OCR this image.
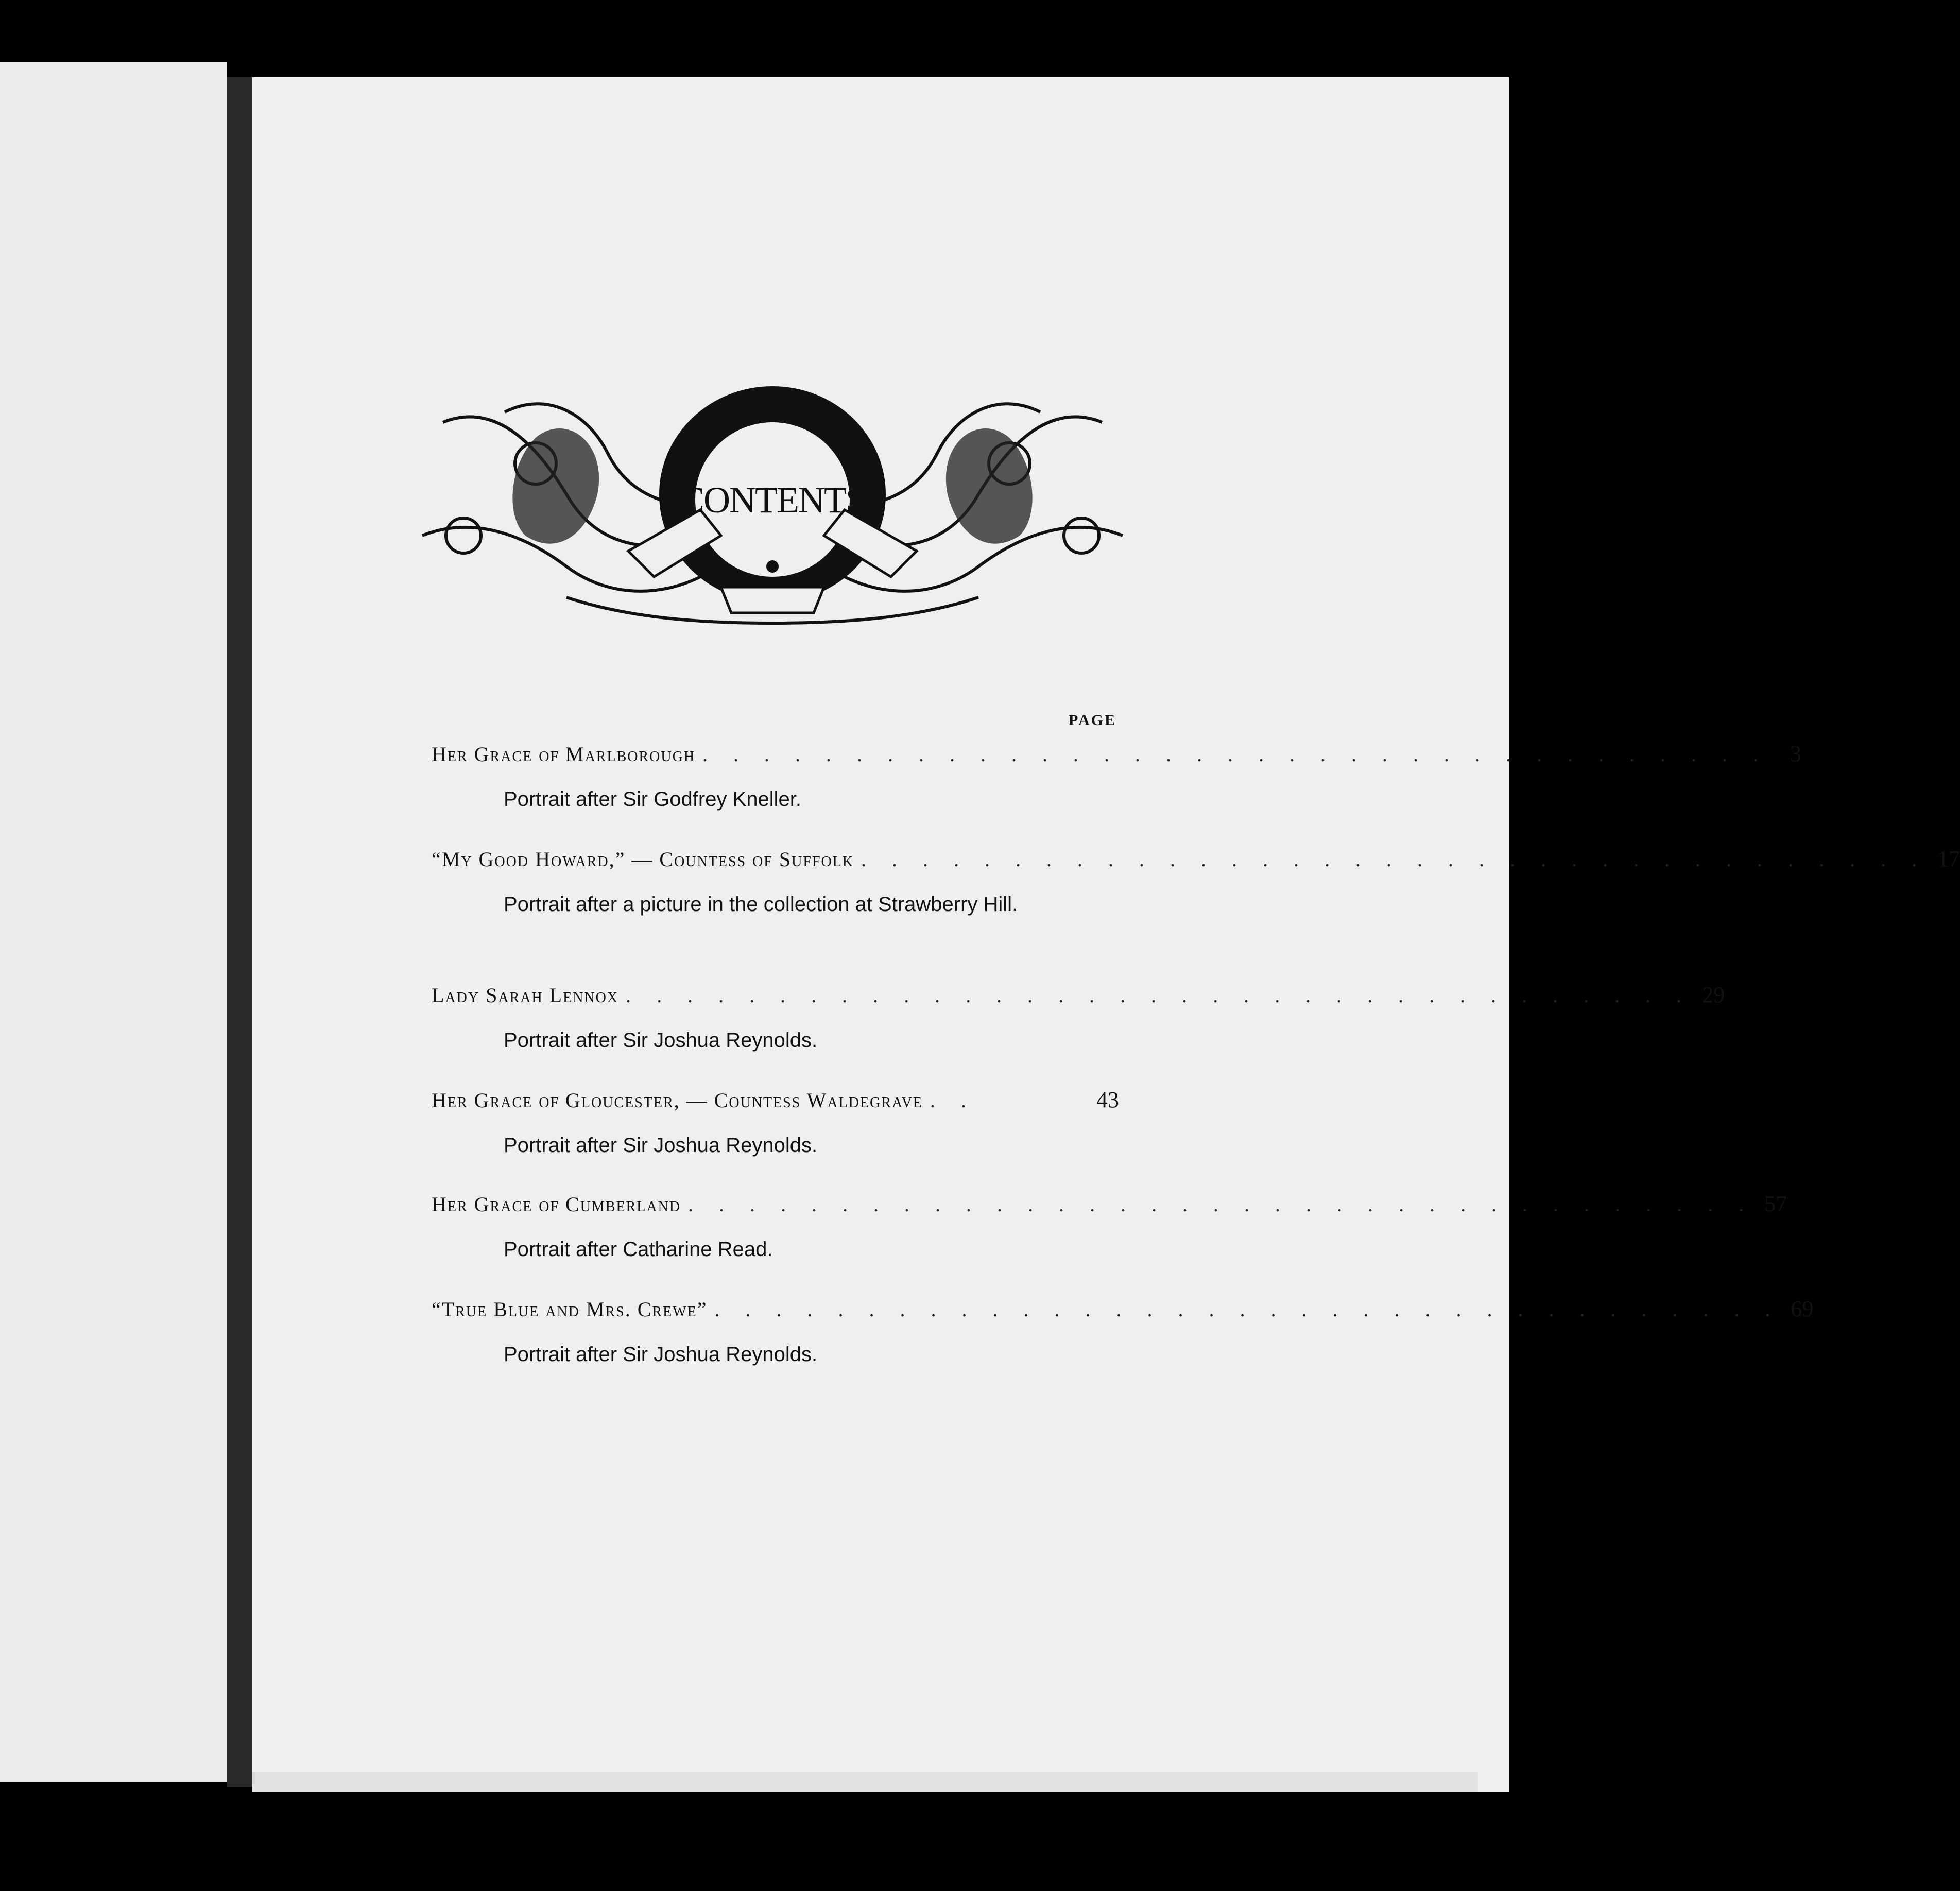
CONTENTS
PAGE
Her Grace of Marlborough . . . . . . . . . . . . . . . . . . . . . . . . . . . . . . . . . . . 3
Portrait after Sir Godfrey Kneller.
“My Good Howard,” — Countess of Suffolk . . . . . . . . . . . . . . . . . . . . . . . . . . . . . . . . . . . 17
Portrait after a picture in the collection at Strawberry Hill.
Lady Sarah Lennox . . . . . . . . . . . . . . . . . . . . . . . . . . . . . . . . . . . 29
Portrait after Sir Joshua Reynolds.
Her Grace of Gloucester, — Countess Waldegrave . .	43
Portrait after Sir Joshua Reynolds.
Her Grace of Cumberland . . . . . . . . . . . . . . . . . . . . . . . . . . . . . . . . . . . 57
Portrait after Catharine Read.
“True Blue and Mrs. Crewe” . . . . . . . . . . . . . . . . . . . . . . . . . . . . . . . . . . . 69
Portrait after Sir Joshua Reynolds.
